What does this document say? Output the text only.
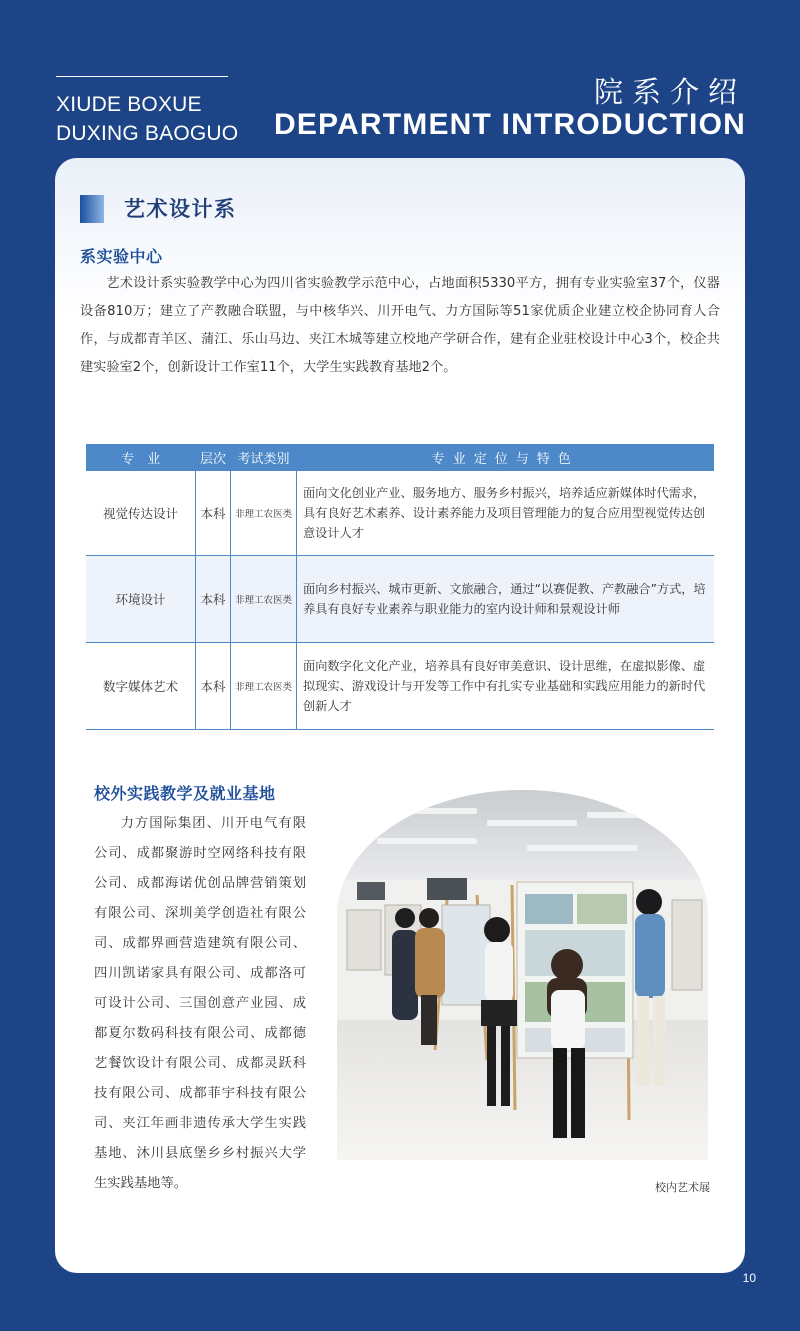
XIUDE BOXUE
DUXING BAOGUO
院系介绍
DEPARTMENT INTRODUCTION
艺术设计系
系实验中心

艺术设计系实验教学中心为四川省实验教学示范中心，占地面积5330平方，拥有专业实验室37个，仪器设备810万；建立了产教融合联盟，与中核华兴、川开电气、力方国际等51家优质企业建立校企协同育人合作，与成都青羊区、蒲江、乐山马边、夹江木城等建立校地产学研合作，建有企业驻校设计中心3个，校企共建实验室2个，创新设计工作室11个，大学生实践教育基地2个。

专　业	层次	考试类别	专业定位与特色
视觉传达设计	本科	非理工农医类	面向文化创业产业、服务地方、服务乡村振兴，培养适应新媒体时代需求，具有良好艺术素养、设计素养能力及项目管理能力的复合应用型视觉传达创意设计人才
环境设计	本科	非理工农医类	面向乡村振兴、城市更新、文旅融合，通过“以赛促教、产教融合”方式，培养具有良好专业素养与职业能力的室内设计师和景观设计师
数字媒体艺术	本科	非理工农医类	面向数字化文化产业，培养具有良好审美意识、设计思维，在虚拟影像、虚拟现实、游戏设计与开发等工作中有扎实专业基础和实践应用能力的新时代创新人才
校外实践教学及就业基地

力方国际集团、川开电气有限公司、成都聚游时空网络科技有限公司、成都海诺优创品牌营销策划有限公司、深圳美学创造社有限公司、成都界画营造建筑有限公司、四川凯诺家具有限公司、成都洛可可设计公司、三国创意产业园、成都夏尔数码科技有限公司、成都德艺餐饮设计有限公司、成都灵跃科技有限公司、成都菲宇科技有限公司、夹江年画非遗传承大学生实践基地、沐川县底堡乡乡村振兴大学生实践基地等。	校内艺术展
10
